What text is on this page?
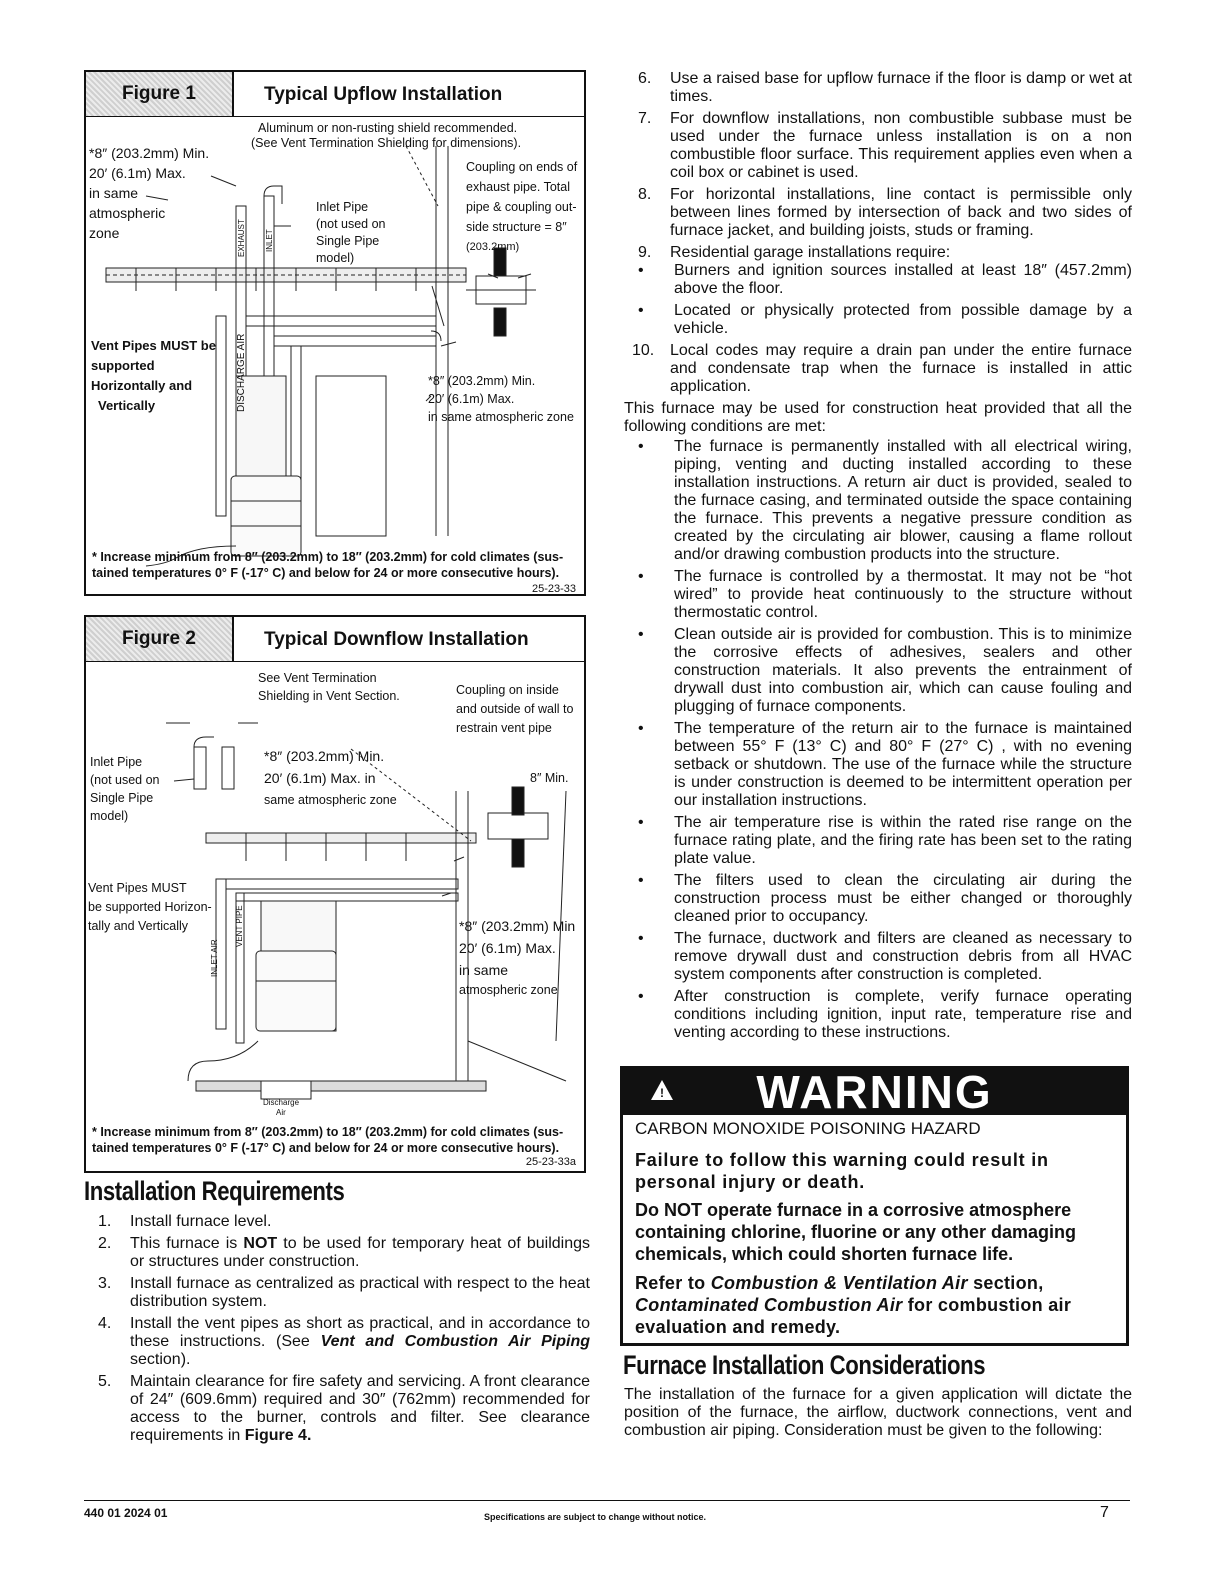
Figure 1	Typical Upflow Installation
Aluminum or non-rusting shield recommended.
(See Vent Termination Shielding for dimensions).
*8″ (203.2mm) Min.
20′ (6.1m) Max.
in same
atmospheric
zone
Coupling on ends of
exhaust pipe. Total
pipe & coupling out-
side structure = 8″
(203.2mm)
Inlet Pipe
(not used on
Single Pipe
model)
Vent Pipes MUST be
supported
Horizontally and
Vertically
*8″ (203.2mm) Min.
20′ (6.1m) Max.
in same atmospheric zone
DISCHARGE AIR
EXHAUST	INLET
* Increase minimum from 8″ (203.2mm) to 18″ (203.2mm) for cold climates (sus-
tained temperatures 0° F (-17° C) and below for 24 or more consecutive hours).
25-23-33
Figure 2	Typical Downflow Installation
See Vent Termination
Shielding in Vent Section.	Coupling on inside
and outside of wall to
restrain vent pipe
Inlet Pipe
(not used on
Single Pipe
model)
*8″ (203.2mm) Min.
20′ (6.1m) Max. in
same atmospheric zone
8″ Min.
Vent Pipes MUST
be supported Horizon-
tally and Vertically	*8″ (203.2mm) Min
20′ (6.1m) Max.
in same
atmospheric zone
Discharge
Air
INLET AIR
VENT PIPE
* Increase minimum from 8″ (203.2mm) to 18″ (203.2mm) for cold climates (sus-
tained temperatures 0° F (-17° C) and below for 24 or more consecutive hours).
25-23-33a
Installation Requirements
1. Install furnace level.
2. This furnace is NOT to be used for temporary heat of buildings or structures under construction.
3. Install furnace as centralized as practical with respect to the heat distribution system.
4. Install the vent pipes as short as practical, and in accordance to these instructions. (See Vent and Combustion Air Piping section).
5. Maintain clearance for fire safety and servicing. A front clearance of 24″ (609.6mm) required and 30″ (762mm) recommended for access to the burner, controls and filter. See clearance requirements in Figure 4.
6. Use a raised base for upflow furnace if the floor is damp or wet at times.
7. For downflow installations, non combustible subbase must be used under the furnace unless installation is on a non combustible floor surface. This requirement applies even when a coil box or cabinet is used.
8. For horizontal installations, line contact is permissible only between lines formed by intersection of back and two sides of furnace jacket, and building joists, studs or framing.
9. Residential garage installations require:
• Burners and ignition sources installed at least 18″ (457.2mm) above the floor.
• Located or physically protected from possible damage by a vehicle.
10. Local codes may require a drain pan under the entire furnace and condensate trap when the furnace is installed in attic application.
This furnace may be used for construction heat provided that all the following conditions are met:
• The furnace is permanently installed with all electrical wiring, piping, venting and ducting installed according to these installation instructions. A return air duct is provided, sealed to the furnace casing, and terminated outside the space containing the furnace. This prevents a negative pressure condition as created by the circulating air blower, causing a flame rollout and/or drawing combustion products into the structure.
• The furnace is controlled by a thermostat. It may not be “hot wired” to provide heat continuously to the structure without thermostatic control.
• Clean outside air is provided for combustion. This is to minimize the corrosive effects of adhesives, sealers and other construction materials. It also prevents the entrainment of drywall dust into combustion air, which can cause fouling and plugging of furnace components.
• The temperature of the return air to the furnace is maintained between 55° F (13° C) and 80° F (27° C) , with no evening setback or shutdown. The use of the furnace while the structure is under construction is deemed to be intermittent operation per our installation instructions.
• The air temperature rise is within the rated rise range on the furnace rating plate, and the firing rate has been set to the rating plate value.
• The filters used to clean the circulating air during the construction process must be either changed or thoroughly cleaned prior to occupancy.
• The furnace, ductwork and filters are cleaned as necessary to remove drywall dust and construction debris from all HVAC system components after construction is completed.
• After construction is complete, verify furnace operating conditions including ignition, input rate, temperature rise and venting according to these instructions.
!	WARNING
CARBON MONOXIDE POISONING HAZARD
Failure to follow this warning could result in personal injury or death.
Do NOT operate furnace in a corrosive atmosphere containing chlorine, fluorine or any other damaging chemicals, which could shorten furnace life.
Refer to Combustion & Ventilation Air section, Contaminated Combustion Air for combustion air evaluation and remedy.
Furnace Installation Considerations
The installation of the furnace for a given application will dictate the position of the furnace, the airflow, ductwork connections, vent and combustion air piping. Consideration must be given to the following:
440 01 2024 01	Specifications are subject to change without notice.	7
